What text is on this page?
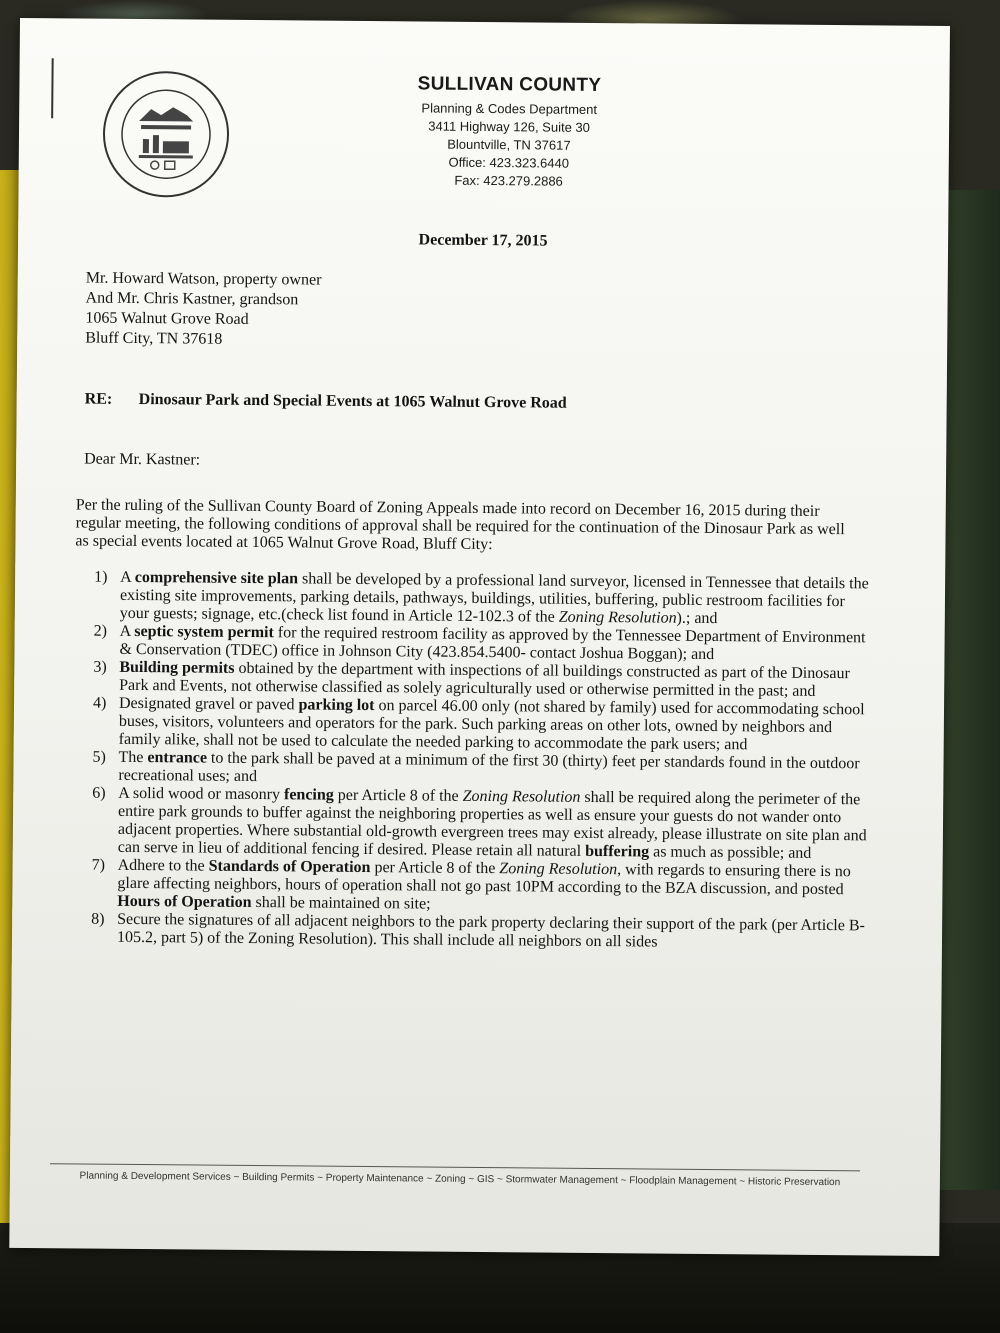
SULLIVAN COUNTY
Planning & Codes Department
3411 Highway 126, Suite 30
Blountville, TN 37617
Office: 423.323.6440
Fax: 423.279.2886
December 17, 2015
Mr. Howard Watson, property owner
And Mr. Chris Kastner, grandson
1065 Walnut Grove Road
Bluff City, TN 37618
RE: Dinosaur Park and Special Events at 1065 Walnut Grove Road
Dear Mr. Kastner:
Per the ruling of the Sullivan County Board of Zoning Appeals made into record on December 16, 2015 during their regular meeting, the following conditions of approval shall be required for the continuation of the Dinosaur Park as well as special events located at 1065 Walnut Grove Road, Bluff City:
1) A comprehensive site plan shall be developed by a professional land surveyor, licensed in Tennessee that details the existing site improvements, parking details, pathways, buildings, utilities, buffering, public restroom facilities for your guests; signage, etc.(check list found in Article 12-102.3 of the Zoning Resolution).; and
2) A septic system permit for the required restroom facility as approved by the Tennessee Department of Environment & Conservation (TDEC) office in Johnson City (423.854.5400- contact Joshua Boggan); and
3) Building permits obtained by the department with inspections of all buildings constructed as part of the Dinosaur Park and Events, not otherwise classified as solely agriculturally used or otherwise permitted in the past; and
4) Designated gravel or paved parking lot on parcel 46.00 only (not shared by family) used for accommodating school buses, visitors, volunteers and operators for the park. Such parking areas on other lots, owned by neighbors and family alike, shall not be used to calculate the needed parking to accommodate the park users; and
5) The entrance to the park shall be paved at a minimum of the first 30 (thirty) feet per standards found in the outdoor recreational uses; and
6) A solid wood or masonry fencing per Article 8 of the Zoning Resolution shall be required along the perimeter of the entire park grounds to buffer against the neighboring properties as well as ensure your guests do not wander onto adjacent properties. Where substantial old-growth evergreen trees may exist already, please illustrate on site plan and can serve in lieu of additional fencing if desired. Please retain all natural buffering as much as possible; and
7) Adhere to the Standards of Operation per Article 8 of the Zoning Resolution, with regards to ensuring there is no glare affecting neighbors, hours of operation shall not go past 10PM according to the BZA discussion, and posted Hours of Operation shall be maintained on site;
8) Secure the signatures of all adjacent neighbors to the park property declaring their support of the park (per Article B-105.2, part 5) of the Zoning Resolution). This shall include all neighbors on all sides
Planning & Development Services ~ Building Permits ~ Property Maintenance ~ Zoning ~ GIS ~ Stormwater Management ~ Floodplain Management ~ Historic Preservation
